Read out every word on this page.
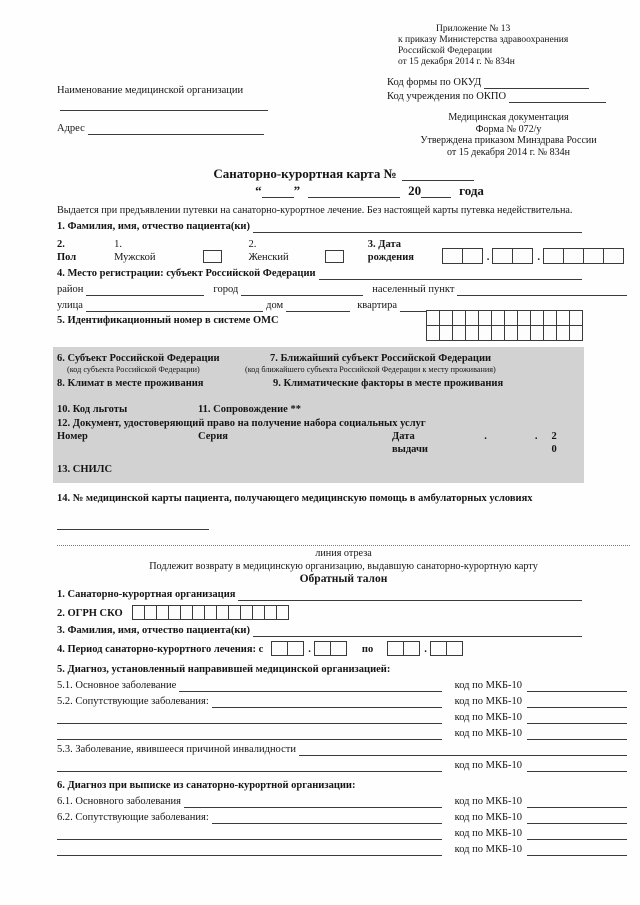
Наименование медицинской организации
Адрес
Приложение № 13
к приказу Министерства здравоохранения
Российской Федерации
от 15 декабря 2014 г. № 834н
Код формы по ОКУД
Код учреждения по ОКПО
Медицинская документация
Форма № 072/у
Утверждена приказом Минздрава России
от 15 декабря 2014 г. № 834н
Санаторно-курортная карта №
“ ”	20	года
Выдается при предъявлении путевки на санаторно-курортное лечение. Без настоящей карты путевка недействительна.
1. Фамилия, имя, отчество пациента(ки)
2. Пол
1. Мужской
2. Женский
3. Дата рождения	.	.
4. Место регистрации: субъект Российской Федерации
район	город	населенный пункт
улица	дом	квартира
5. Идентификационный номер в системе ОМС
6. Субъект Российской Федерации	7. Ближайший субъект Российской Федерации
(код субъекта Российской Федерации)	(код ближайшего субъекта Российской Федерации к месту проживания)
8. Климат в месте проживания	9. Климатические факторы в месте проживания
10. Код льготы	11. Сопровождение **
12. Документ, удостоверяющий право на получение набора социальных услуг
Номер	Серия	Дата выдачи
.	. 2 0
13. СНИЛС
14. № медицинской карты пациента, получающего медицинскую помощь в амбулаторных условиях
линия отреза
Подлежит возврату в медицинскую организацию, выдавшую санаторно-курортную карту
Обратный талон
1. Санаторно-курортная организация
2. ОГРН СКО
3. Фамилия, имя, отчество пациента(ки)
4. Период санаторно-курортного лечения: с	.	по	.
5. Диагноз, установленный направившей медицинской организацией:
5.1. Основное заболевание	код по МКБ-10
5.2. Сопутствующие заболевания:	код по МКБ-10
код по МКБ-10
код по МКБ-10
5.3. Заболевание, явившееся причиной инвалидности
код по МКБ-10
6. Диагноз при выписке из санаторно-курортной организации:
6.1. Основного заболевания	код по МКБ-10
6.2. Сопутствующие заболевания:	код по МКБ-10
код по МКБ-10
код по МКБ-10
